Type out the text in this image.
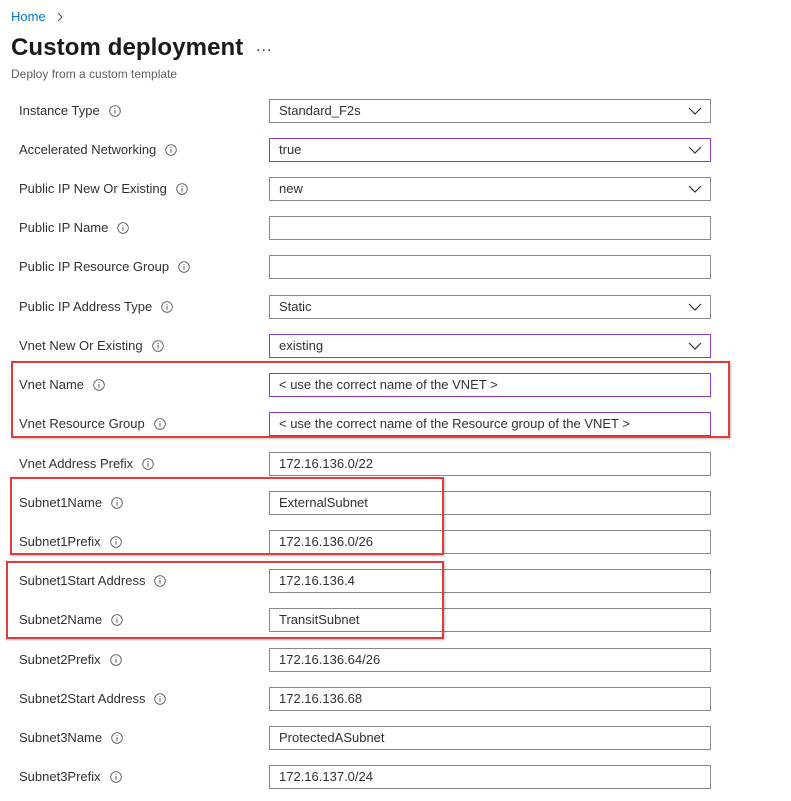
Home
Custom deployment ...
Deploy from a custom template
Instance Type	Standard_F2s
Accelerated Networking	true
Public IP New Or Existing	new
Public IP Name
Public IP Resource Group
Public IP Address Type	Static
Vnet New Or Existing	existing
Vnet Name	< use the correct name of the VNET >
Vnet Resource Group	< use the correct name of the Resource group of the VNET >
Vnet Address Prefix	172.16.136.0/22
Subnet1Name	ExternalSubnet
Subnet1Prefix	172.16.136.0/26
Subnet1Start Address	172.16.136.4
Subnet2Name	TransitSubnet
Subnet2Prefix	172.16.136.64/26
Subnet2Start Address	172.16.136.68
Subnet3Name	ProtectedASubnet
Subnet3Prefix	172.16.137.0/24
